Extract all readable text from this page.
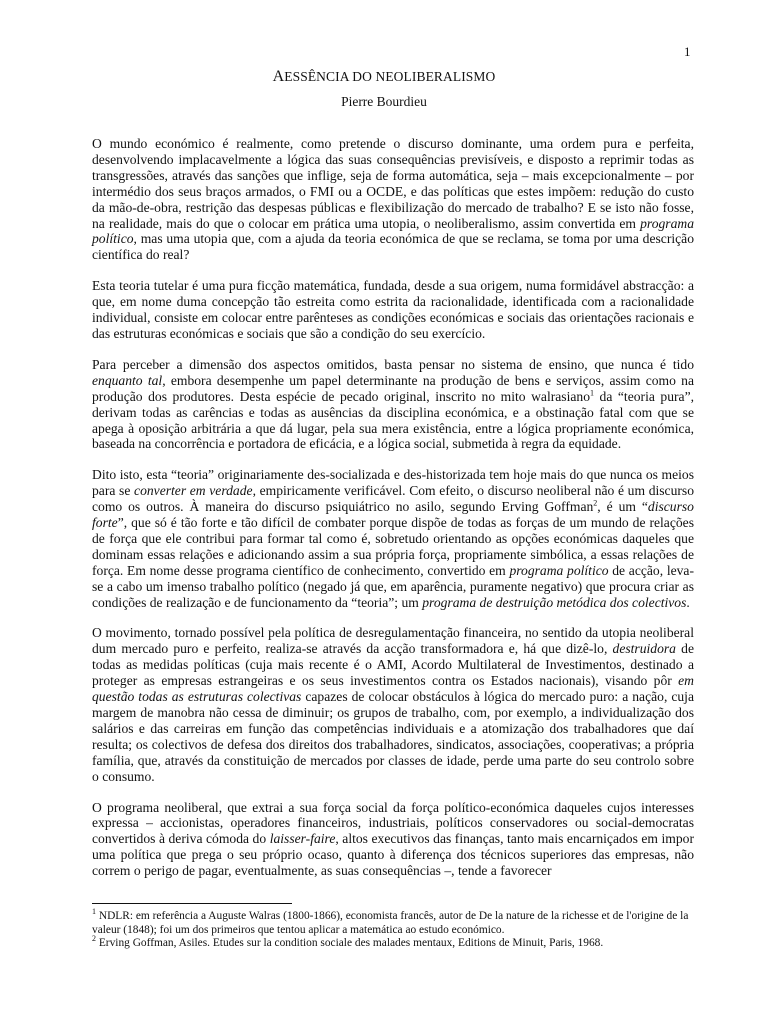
1
AESSÊNCIA DO NEOLIBERALISMO
Pierre Bourdieu

O mundo económico é realmente, como pretende o discurso dominante, uma ordem pura e perfeita, desenvolvendo implacavelmente a lógica das suas consequências previsíveis, e disposto a reprimir todas as transgressões, através das sanções que inflige, seja de forma automática, seja – mais excepcionalmente – por intermédio dos seus braços armados, o FMI ou a OCDE, e das políticas que estes impõem: redução do custo da mão-de-obra, restrição das despesas públicas e flexibilização do mercado de trabalho? E se isto não fosse, na realidade, mais do que o colocar em prática uma utopia, o neoliberalismo, assim convertida em programa político, mas uma utopia que, com a ajuda da teoria económica de que se reclama, se toma por uma descrição científica do real?

Esta teoria tutelar é uma pura ficção matemática, fundada, desde a sua origem, numa formidável abstracção: a que, em nome duma concepção tão estreita como estrita da racionalidade, identificada com a racionalidade individual, consiste em colocar entre parênteses as condições económicas e sociais das orientações racionais e das estruturas económicas e sociais que são a condição do seu exercício.

Para perceber a dimensão dos aspectos omitidos, basta pensar no sistema de ensino, que nunca é tido enquanto tal, embora desempenhe um papel determinante na produção de bens e serviços, assim como na produção dos produtores. Desta espécie de pecado original, inscrito no mito walrasiano$^1$ da “teoria pura”, derivam todas as carências e todas as ausências da disciplina económica, e a obstinação fatal com que se apega à oposição arbitrária a que dá lugar, pela sua mera existência, entre a lógica propriamente económica, baseada na concorrência e portadora de eficácia, e a lógica social, submetida à regra da equidade.

Dito isto, esta “teoria” originariamente des-socializada e des-historizada tem hoje mais do que nunca os meios para se converter em verdade, empiricamente verificável. Com efeito, o discurso neoliberal não é um discurso como os outros. À maneira do discurso psiquiátrico no asilo, segundo Erving Goffman$^2$, é um “discurso forte”, que só é tão forte e tão difícil de combater porque dispõe de todas as forças de um mundo de relações de força que ele contribui para formar tal como é, sobretudo orientando as opções económicas daqueles que dominam essas relações e adicionando assim a sua própria força, propriamente simbólica, a essas relações de força. Em nome desse programa científico de conhecimento, convertido em programa político de acção, leva-se a cabo um imenso trabalho político (negado já que, em aparência, puramente negativo) que procura criar as condições de realização e de funcionamento da “teoria”; um programa de destruição metódica dos colectivos.

O movimento, tornado possível pela política de desregulamentação financeira, no sentido da utopia neoliberal dum mercado puro e perfeito, realiza-se através da acção transformadora e, há que dizê-lo, destruidora de todas as medidas políticas (cuja mais recente é o AMI, Acordo Multilateral de Investimentos, destinado a proteger as empresas estrangeiras e os seus investimentos contra os Estados nacionais), visando pôr em questão todas as estruturas colectivas capazes de colocar obstáculos à lógica do mercado puro: a nação, cuja margem de manobra não cessa de diminuir; os grupos de trabalho, com, por exemplo, a individualização dos salários e das carreiras em função das competências individuais e a atomização dos trabalhadores que daí resulta; os colectivos de defesa dos direitos dos trabalhadores, sindicatos, associações, cooperativas; a própria família, que, através da constituição de mercados por classes de idade, perde uma parte do seu controlo sobre o consumo.

O programa neoliberal, que extrai a sua força social da força político-económica daqueles cujos interesses expressa – accionistas, operadores financeiros, industriais, políticos conservadores ou social-democratas convertidos à deriva cómoda do laisser-faire, altos executivos das finanças, tanto mais encarniçados em impor uma política que prega o seu próprio ocaso, quanto à diferença dos técnicos superiores das empresas, não correm o perigo de pagar, eventualmente, as suas consequências –, tende a favorecer

$^1$ NDLR: em referência a Auguste Walras (1800-1866), economista francês, autor de De la nature de la richesse et de l'origine de la valeur (1848); foi um dos primeiros que tentou aplicar a matemática ao estudo económico.

$^2$ Erving Goffman, Asiles. Etudes sur la condition sociale des malades mentaux, Editions de Minuit, Paris, 1968.
